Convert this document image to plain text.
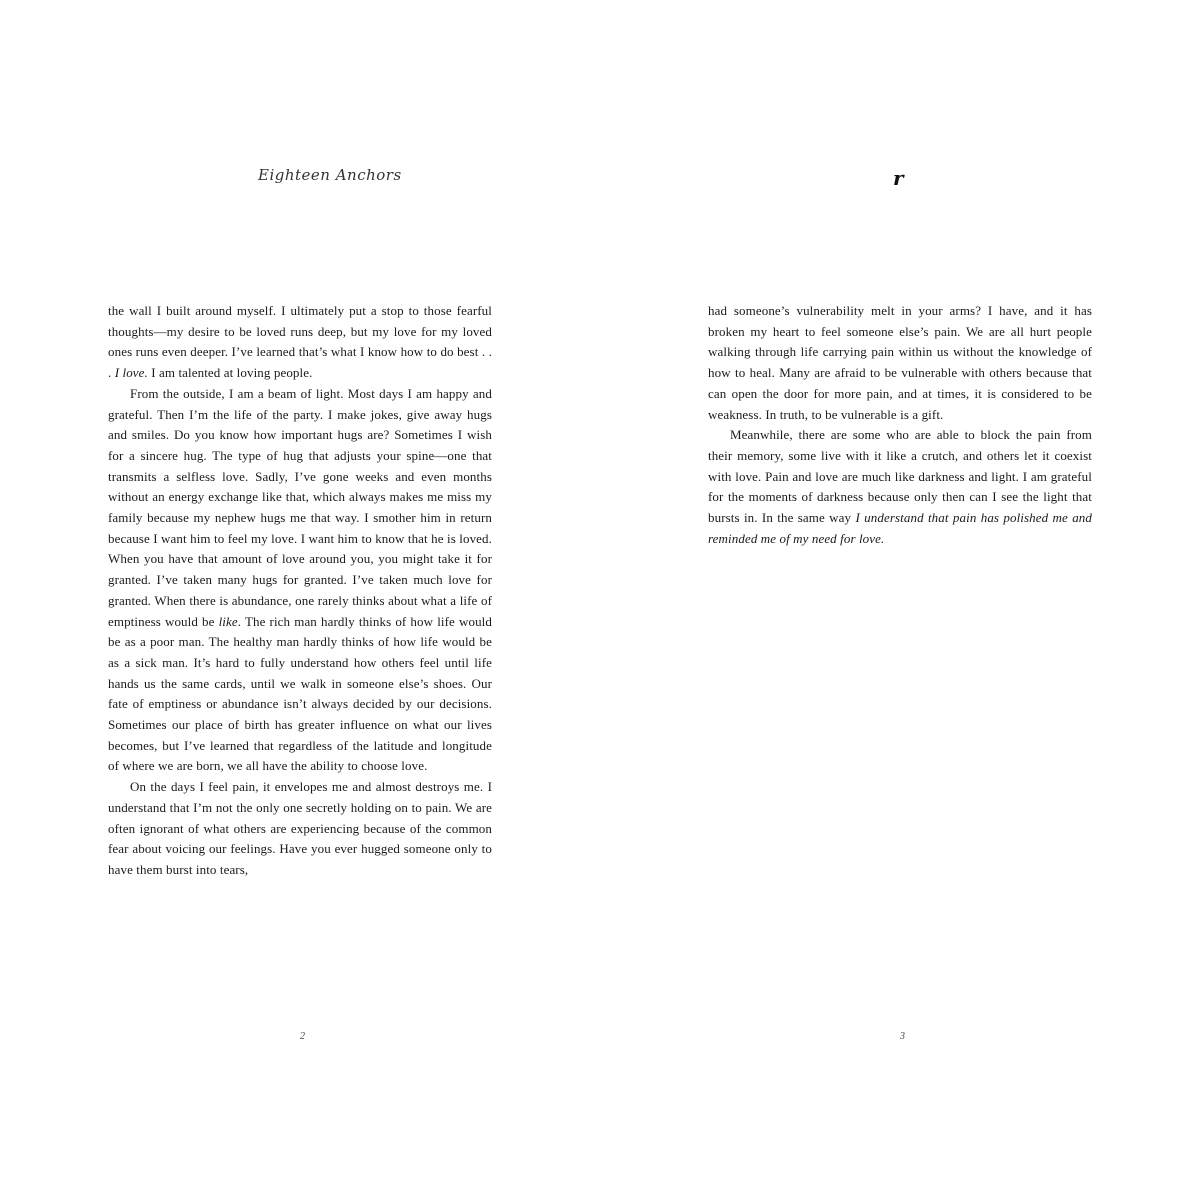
Eighteen Anchors

the wall I built around myself. I ultimately put a stop to those fearful thoughts—my desire to be loved runs deep, but my love for my loved ones runs even deeper. I’ve learned that’s what I know how to do best . . . I love. I am talented at loving people.

From the outside, I am a beam of light. Most days I am happy and grateful. Then I’m the life of the party. I make jokes, give away hugs and smiles. Do you know how important hugs are? Sometimes I wish for a sincere hug. The type of hug that adjusts your spine—one that transmits a selfless love. Sadly, I’ve gone weeks and even months without an energy exchange like that, which always makes me miss my family because my nephew hugs me that way. I smother him in return because I want him to feel my love. I want him to know that he is loved. When you have that amount of love around you, you might take it for granted. I’ve taken many hugs for granted. I’ve taken much love for granted. When there is abundance, one rarely thinks about what a life of emptiness would be like. The rich man hardly thinks of how life would be as a poor man. The healthy man hardly thinks of how life would be as a sick man. It’s hard to fully understand how others feel until life hands us the same cards, until we walk in someone else’s shoes. Our fate of emptiness or abundance isn’t always decided by our decisions. Sometimes our place of birth has greater influence on what our lives becomes, but I’ve learned that regardless of the latitude and longitude of where we are born, we all have the ability to choose love.

On the days I feel pain, it envelopes me and almost destroys me. I understand that I’m not the only one secretly holding on to pain. We are often ignorant of what others are experiencing because of the common fear about voicing our feelings. Have you ever hugged someone only to have them burst into tears,

2
r

had someone’s vulnerability melt in your arms? I have, and it has broken my heart to feel someone else’s pain. We are all hurt people walking through life carrying pain within us without the knowledge of how to heal. Many are afraid to be vulnerable with others because that can open the door for more pain, and at times, it is considered to be weakness. In truth, to be vulnerable is a gift.

Meanwhile, there are some who are able to block the pain from their memory, some live with it like a crutch, and others let it coexist with love. Pain and love are much like darkness and light. I am grateful for the moments of darkness because only then can I see the light that bursts in. In the same way I understand that pain has polished me and reminded me of my need for love.

3
